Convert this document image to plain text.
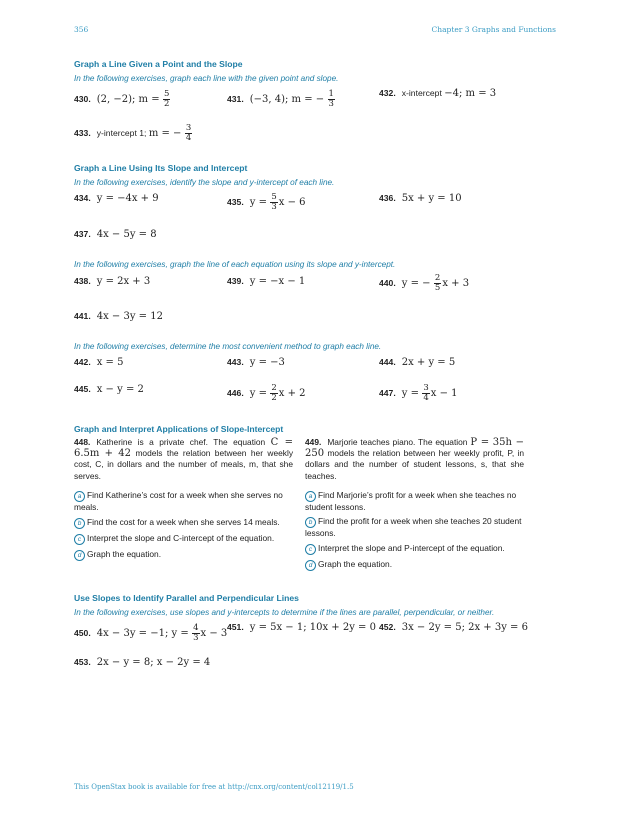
356	Chapter 3 Graphs and Functions
Graph a Line Given a Point and the Slope
In the following exercises, graph each line with the given point and slope.
430. (2, −2); $m = \frac{5}{2}$	431. (−3, 4); m = − $\frac{1}{3}$	432. x-intercept −4; m = 3
433. y-intercept 1; m = − $\frac{3}{4}$
Graph a Line Using Its Slope and Intercept
In the following exercises, identify the slope and y-intercept of each line.
434. y = −4x + 9	435. $y = \frac{5}{3}$ x − 6	436. 5x + y = 10
437. 4x − 5y = 8
In the following exercises, graph the line of each equation using its slope and y-intercept.
438. y = 2x + 3	439. y = −x − 1	440. y = − $\frac{2}{5}$ x + 3
441. 4x − 3y = 12
In the following exercises, determine the most convenient method to graph each line.
442. x = 5	443. y = −3	444. 2x + y = 5
445. x − y = 2	446. $y = \frac{2}{2}$ x + 2	447. $y = \frac{3}{4}$ x − 1
Graph and Interpret Applications of Slope-Intercept
448. Katherine is a private chef. The equation C = 6.5m + 42 models the relation between her weekly cost, C, in dollars and the number of meals, m, that she serves.
a Find Katherine’s cost for a week when she serves no meals.
b Find the cost for a week when she serves 14 meals.
c Interpret the slope and C-intercept of the equation.
d Graph the equation.
449. Marjorie teaches piano. The equation P = 35h − 250 models the relation between her weekly profit, P, in dollars and the number of student lessons, s, that she teaches.
a Find Marjorie’s profit for a week when she teaches no student lessons.
b Find the profit for a week when she teaches 20 student lessons.
c Interpret the slope and P-intercept of the equation.
d Graph the equation.
Use Slopes to Identify Parallel and Perpendicular Lines
In the following exercises, use slopes and y-intercepts to determine if the lines are parallel, perpendicular, or neither.
450. 4x − 3y = −1; $y = \frac{4}{3}$ x − 3
451. y = 5x − 1; 10x + 2y = 0 452. 3x − 2y = 5; 2x + 3y = 6
453. 2x − y = 8; x − 2y = 4
This OpenStax book is available for free at http://cnx.org/content/col12119/1.5
